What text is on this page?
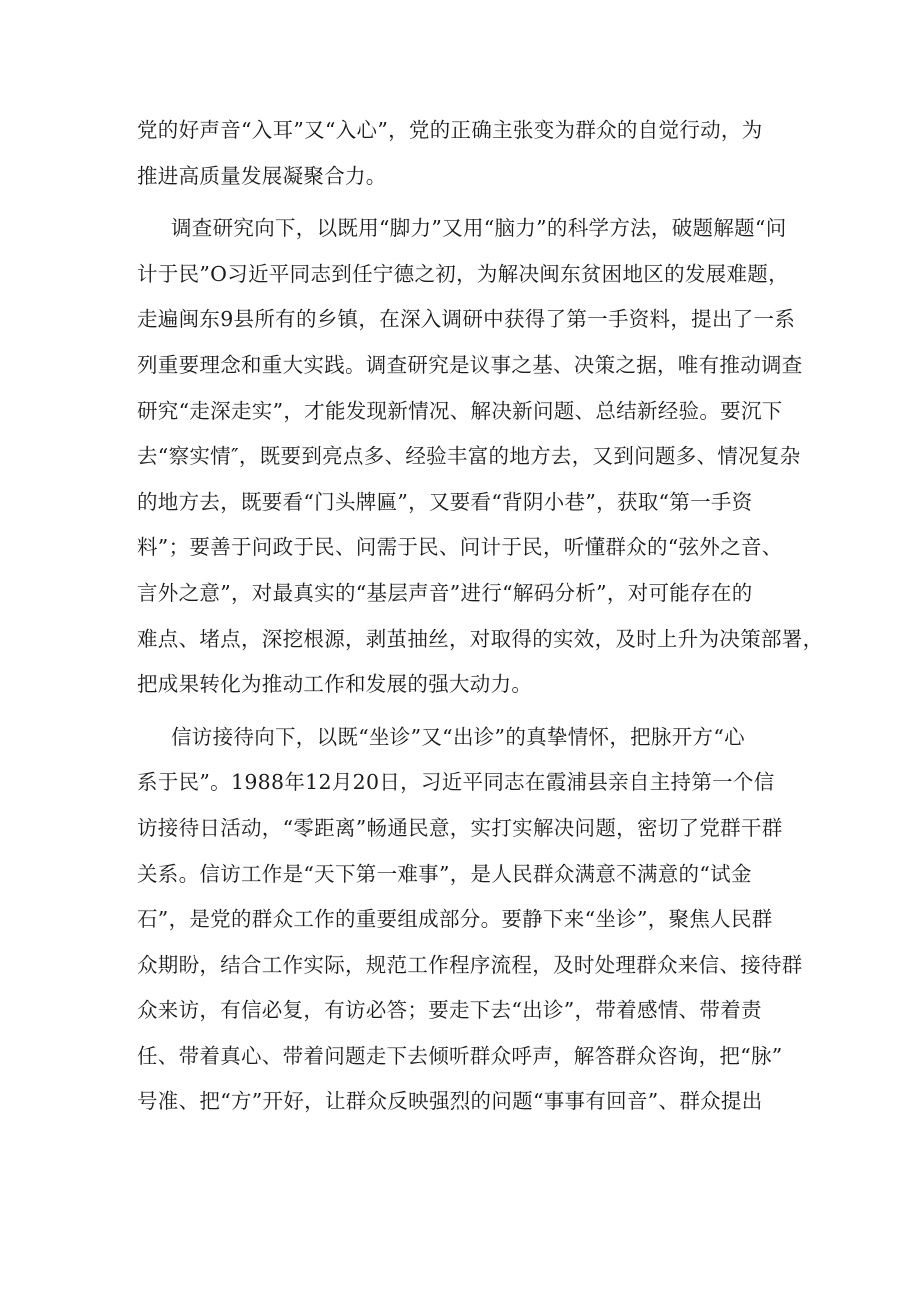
党的好声音“入耳”又“入心”，党的正确主张变为群众的自觉行动，为
推进高质量发展凝聚合力。

调查研究向下，以既用“脚力”又用“脑力”的科学方法，破题解题“问
计于民”O习近平同志到任宁德之初，为解决闽东贫困地区的发展难题，
走遍闽东9县所有的乡镇，在深入调研中获得了第一手资料，提出了一系
列重要理念和重大实践。调查研究是议事之基、决策之据，唯有推动调查
研究“走深走实”，才能发现新情况、解决新问题、总结新经验。要沉下
去“察实情″，既要到亮点多、经验丰富的地方去，又到问题多、情况复杂
的地方去，既要看“门头牌匾”，又要看“背阴小巷”，获取“第一手资
料”；要善于问政于民、问需于民、问计于民，听懂群众的“弦外之音、
言外之意”，对最真实的“基层声音”进行“解码分析”，对可能存在的
难点、堵点，深挖根源，剥茧抽丝，对取得的实效，及时上升为决策部署，
把成果转化为推动工作和发展的强大动力。

信访接待向下，以既“坐诊”又“出诊”的真挚情怀，把脉开方“心
系于民”。1988年12月20日，习近平同志在霞浦县亲自主持第一个信
访接待日活动，“零距离”畅通民意，实打实解决问题，密切了党群干群
关系。信访工作是“天下第一难事”，是人民群众满意不满意的“试金
石”，是党的群众工作的重要组成部分。要静下来“坐诊”，聚焦人民群
众期盼，结合工作实际，规范工作程序流程，及时处理群众来信、接待群
众来访，有信必复，有访必答；要走下去“出诊”，带着感情、带着责
任、带着真心、带着问题走下去倾听群众呼声，解答群众咨询，把“脉”
号准、把“方”开好，让群众反映强烈的问题“事事有回音”、群众提出
